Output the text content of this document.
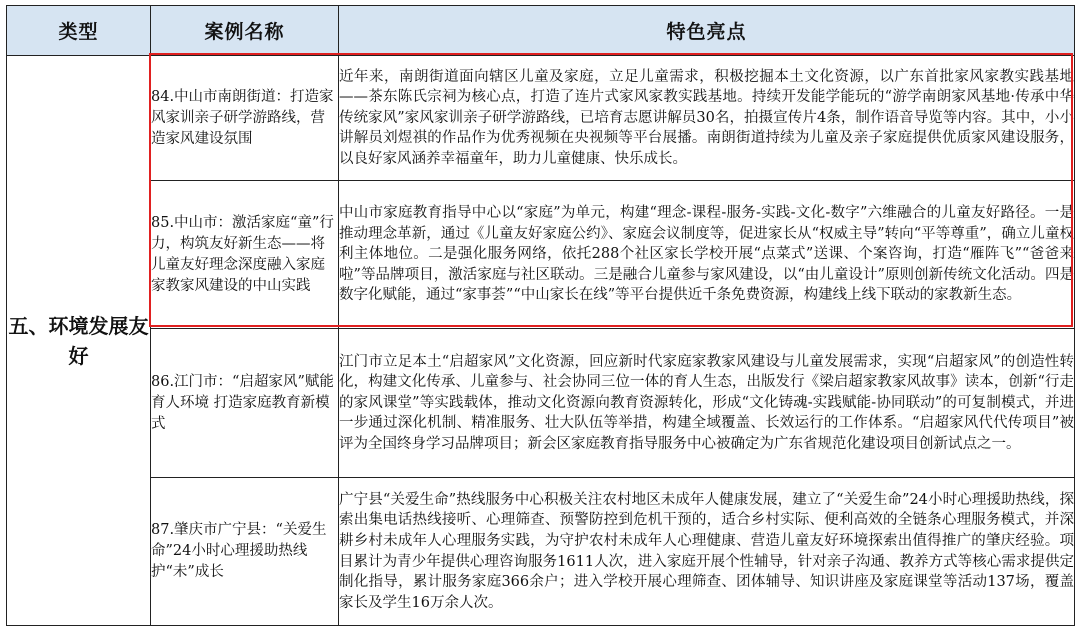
类型	案例名称	特色亮点
五、环境发展友好	84.中山市南朗街道：打造家风家训亲子研学游路线，营造家风建设氛围	近年来，南朗街道面向辖区儿童及家庭，立足儿童需求，积极挖掘本土文化资源，以广东首批家风家教实践基地——茶东陈氏宗祠为核心点，打造了连片式家风家教实践基地。持续开发能学能玩的“游学南朗家风基地·传承中华传统家风”家风家训亲子研学游路线，已培育志愿讲解员30名，拍摄宣传片4条，制作语音导览等内容。其中，小小讲解员刘煜祺的作品作为优秀视频在央视频等平台展播。南朗街道持续为儿童及亲子家庭提供优质家风建设服务，以良好家风涵养幸福童年，助力儿童健康、快乐成长。
	85.中山市：激活家庭“童”行力，构筑友好新生态——将儿童友好理念深度融入家庭家教家风建设的中山实践	中山市家庭教育指导中心以“家庭”为单元，构建“理念-课程-服务-实践-文化-数字”六维融合的儿童友好路径。一是推动理念革新，通过《儿童友好家庭公约》、家庭会议制度等，促进家长从“权威主导”转向“平等尊重”，确立儿童权利主体地位。二是强化服务网络，依托288个社区家长学校开展“点菜式”送课、个案咨询，打造“雁阵飞”“爸爸来啦”等品牌项目，激活家庭与社区联动。三是融合儿童参与家风建设，以“由儿童设计”原则创新传统文化活动。四是数字化赋能，通过“家事荟”“中山家长在线”等平台提供近千条免费资源，构建线上线下联动的家教新生态。
	86.江门市：“启超家风”赋能育人环境 打造家庭教育新模式	江门市立足本土“启超家风”文化资源，回应新时代家庭家教家风建设与儿童发展需求，实现“启超家风”的创造性转化，构建文化传承、儿童参与、社会协同三位一体的育人生态，出版发行《梁启超家教家风故事》读本，创新“行走的家风课堂”等实践载体，推动文化资源向教育资源转化，形成“文化铸魂-实践赋能-协同联动”的可复制模式，并进一步通过深化机制、精准服务、壮大队伍等举措，构建全域覆盖、长效运行的工作体系。“启超家风代代传项目”被评为全国终身学习品牌项目；新会区家庭教育指导服务中心被确定为广东省规范化建设项目创新试点之一。
	87.肇庆市广宁县：“关爱生命”24小时心理援助热线护“未”成长	广宁县“关爱生命”热线服务中心积极关注农村地区未成年人健康发展，建立了“关爱生命”24小时心理援助热线，探索出集电话热线接听、心理筛查、预警防控到危机干预的，适合乡村实际、便利高效的全链条心理服务模式，并深耕乡村未成年人心理服务实践，为守护农村未成年人心理健康、营造儿童友好环境探索出值得推广的肇庆经验。项目累计为青少年提供心理咨询服务1611人次，进入家庭开展个性辅导，针对亲子沟通、教养方式等核心需求提供定制化指导，累计服务家庭366余户；进入学校开展心理筛查、团体辅导、知识讲座及家庭课堂等活动137场，覆盖家长及学生16万余人次。
